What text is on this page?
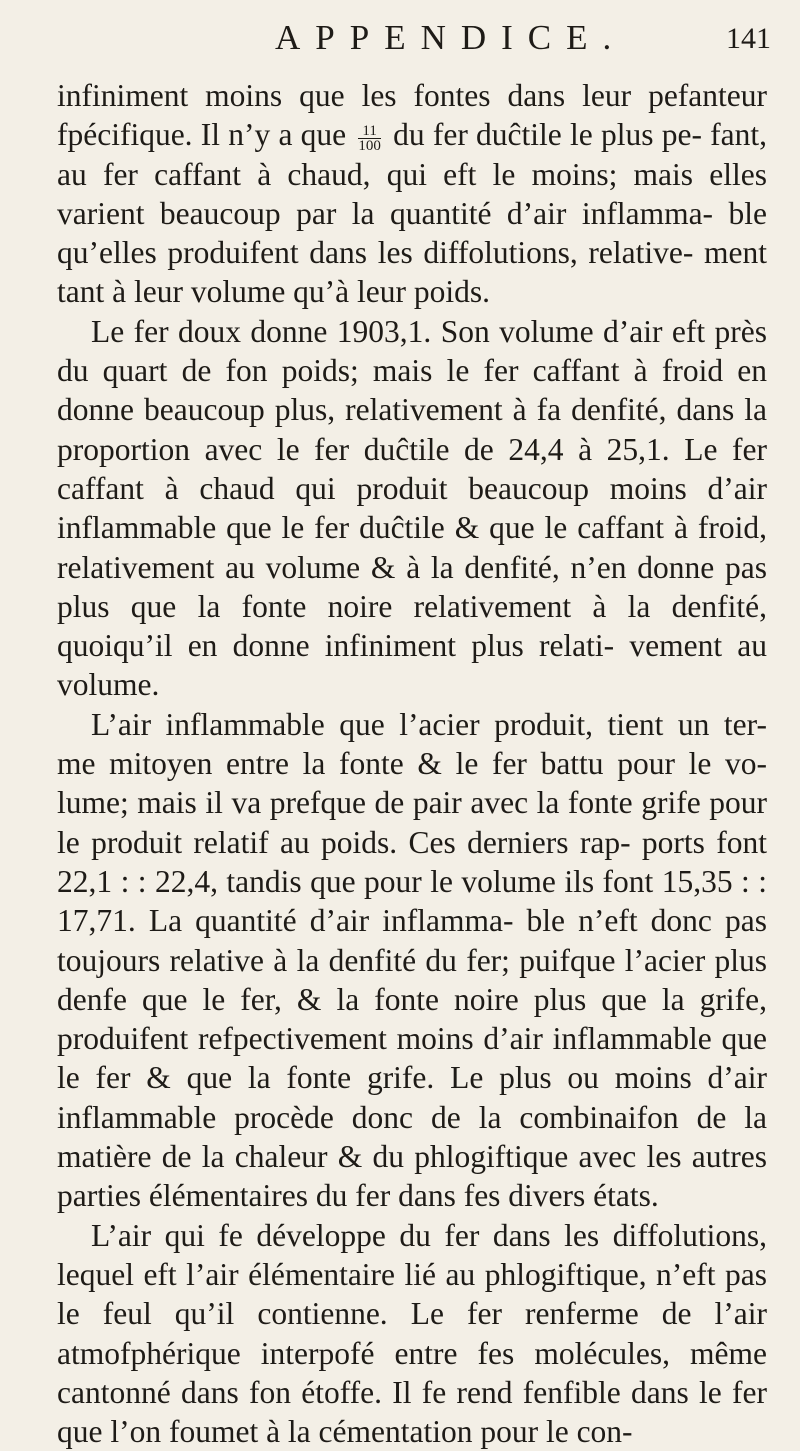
APPENDICE.	141

infiniment moins que les fontes dans leur pefanteur fpécifique. Il n’y a que $\frac{11}{100}$ du fer duĉtile le plus pe- fant, au fer caffant à chaud, qui eft le moins; mais elles varient beaucoup par la quantité d’air inflamma- ble qu’elles produifent dans les diffolutions, relative- ment tant à leur volume qu’à leur poids.

Le fer doux donne 1903,1. Son volume d’air eft près du quart de fon poids; mais le fer caffant à froid en donne beaucoup plus, relativement à fa denfité, dans la proportion avec le fer duĉtile de 24,4 à 25,1. Le fer caffant à chaud qui produit beaucoup moins d’air inflammable que le fer duĉtile & que le caffant à froid, relativement au volume & à la denfité, n’en donne pas plus que la fonte noire relativement à la denfité, quoiqu’il en donne infiniment plus relati- vement au volume.

L’air inflammable que l’acier produit, tient un ter- me mitoyen entre la fonte & le fer battu pour le vo- lume; mais il va prefque de pair avec la fonte grife pour le produit relatif au poids. Ces derniers rap- ports font 22,1 : : 22,4, tandis que pour le volume ils font 15,35 : : 17,71. La quantité d’air inflamma- ble n’eft donc pas toujours relative à la denfité du fer; puifque l’acier plus denfe que le fer, & la fonte noire plus que la grife, produifent refpectivement moins d’air inflammable que le fer & que la fonte grife. Le plus ou moins d’air inflammable procède donc de la combinaifon de la matière de la chaleur & du phlogiftique avec les autres parties élémentaires du fer dans fes divers états.

L’air qui fe développe du fer dans les diffolutions, lequel eft l’air élémentaire lié au phlogiftique, n’eft pas le feul qu’il contienne. Le fer renferme de l’air atmofphérique interpofé entre fes molécules, même cantonné dans fon étoffe. Il fe rend fenfible dans le fer que l’on foumet à la cémentation pour le con-
